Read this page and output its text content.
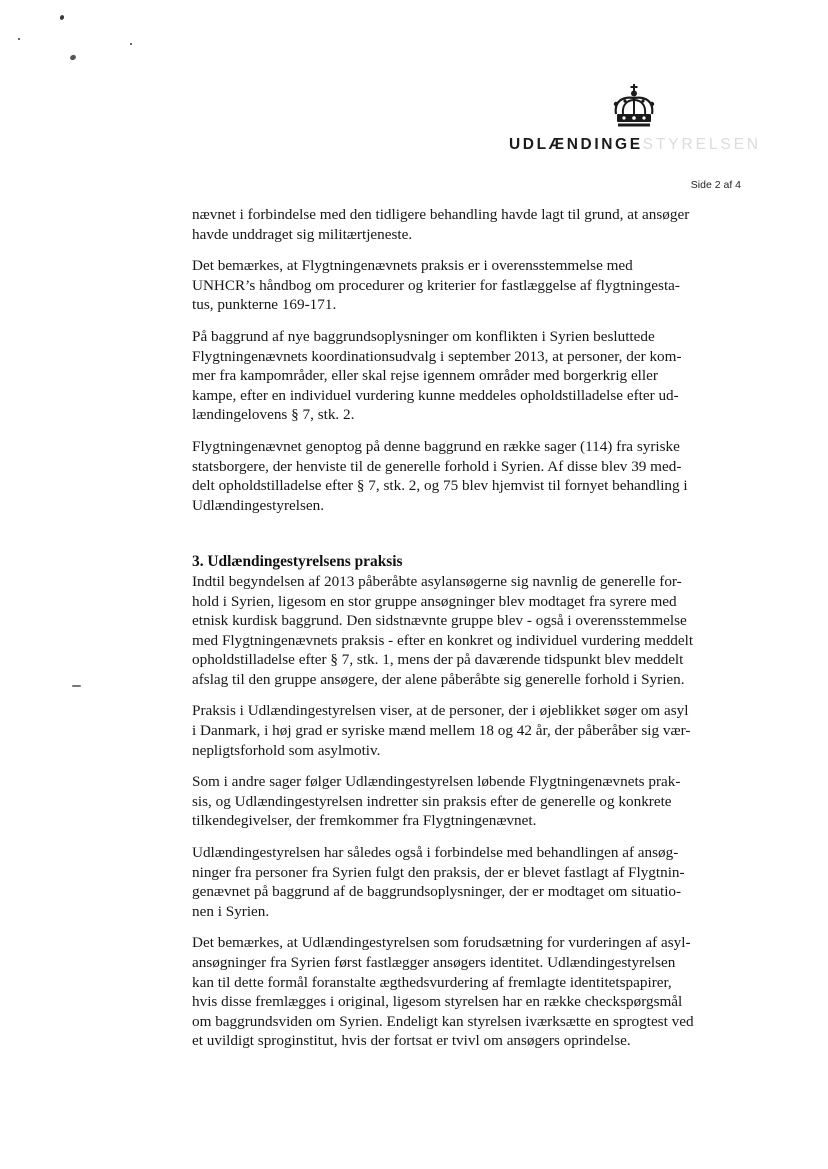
UDLÆNDINGESTYRELSEN
Side 2 af 4

nævnet i forbindelse med den tidligere behandling havde lagt til grund, at ansøger
havde unddraget sig militærtjeneste.

Det bemærkes, at Flygtningenævnets praksis er i overensstemmelse med
UNHCR’s håndbog om procedurer og kriterier for fastlæggelse af flygtningesta-
tus, punkterne 169-171.

På baggrund af nye baggrundsoplysninger om konflikten i Syrien besluttede
Flygtningenævnets koordinationsudvalg i september 2013, at personer, der kom-
mer fra kampområder, eller skal rejse igennem områder med borgerkrig eller
kampe, efter en individuel vurdering kunne meddeles opholdstilladelse efter ud-
lændingelovens § 7, stk. 2.

Flygtningenævnet genoptog på denne baggrund en række sager (114) fra syriske
statsborgere, der henviste til de generelle forhold i Syrien. Af disse blev 39 med-
delt opholdstilladelse efter § 7, stk. 2, og 75 blev hjemvist til fornyet behandling i
Udlændingestyrelsen.

3. Udlændingestyrelsens praksis

Indtil begyndelsen af 2013 påberåbte asylansøgerne sig navnlig de generelle for-
hold i Syrien, ligesom en stor gruppe ansøgninger blev modtaget fra syrere med
etnisk kurdisk baggrund. Den sidstnævnte gruppe blev - også i overensstemmelse
med Flygtningenævnets praksis - efter en konkret og individuel vurdering meddelt
opholdstilladelse efter § 7, stk. 1, mens der på daværende tidspunkt blev meddelt
afslag til den gruppe ansøgere, der alene påberåbte sig generelle forhold i Syrien.

Praksis i Udlændingestyrelsen viser, at de personer, der i øjeblikket søger om asyl
i Danmark, i høj grad er syriske mænd mellem 18 og 42 år, der påberåber sig vær-
nepligtsforhold som asylmotiv.

Som i andre sager følger Udlændingestyrelsen løbende Flygtningenævnets prak-
sis, og Udlændingestyrelsen indretter sin praksis efter de generelle og konkrete
tilkendegivelser, der fremkommer fra Flygtningenævnet.

Udlændingestyrelsen har således også i forbindelse med behandlingen af ansøg-
ninger fra personer fra Syrien fulgt den praksis, der er blevet fastlagt af Flygtnin-
genævnet på baggrund af de baggrundsoplysninger, der er modtaget om situatio-
nen i Syrien.

Det bemærkes, at Udlændingestyrelsen som forudsætning for vurderingen af asyl-
ansøgninger fra Syrien først fastlægger ansøgers identitet. Udlændingestyrelsen
kan til dette formål foranstalte ægthedsvurdering af fremlagte identitetspapirer,
hvis disse fremlægges i original, ligesom styrelsen har en række checkspørgsmål
om baggrundsviden om Syrien. Endeligt kan styrelsen iværksætte en sprogtest ved
et uvildigt sproginstitut, hvis der fortsat er tvivl om ansøgers oprindelse.
